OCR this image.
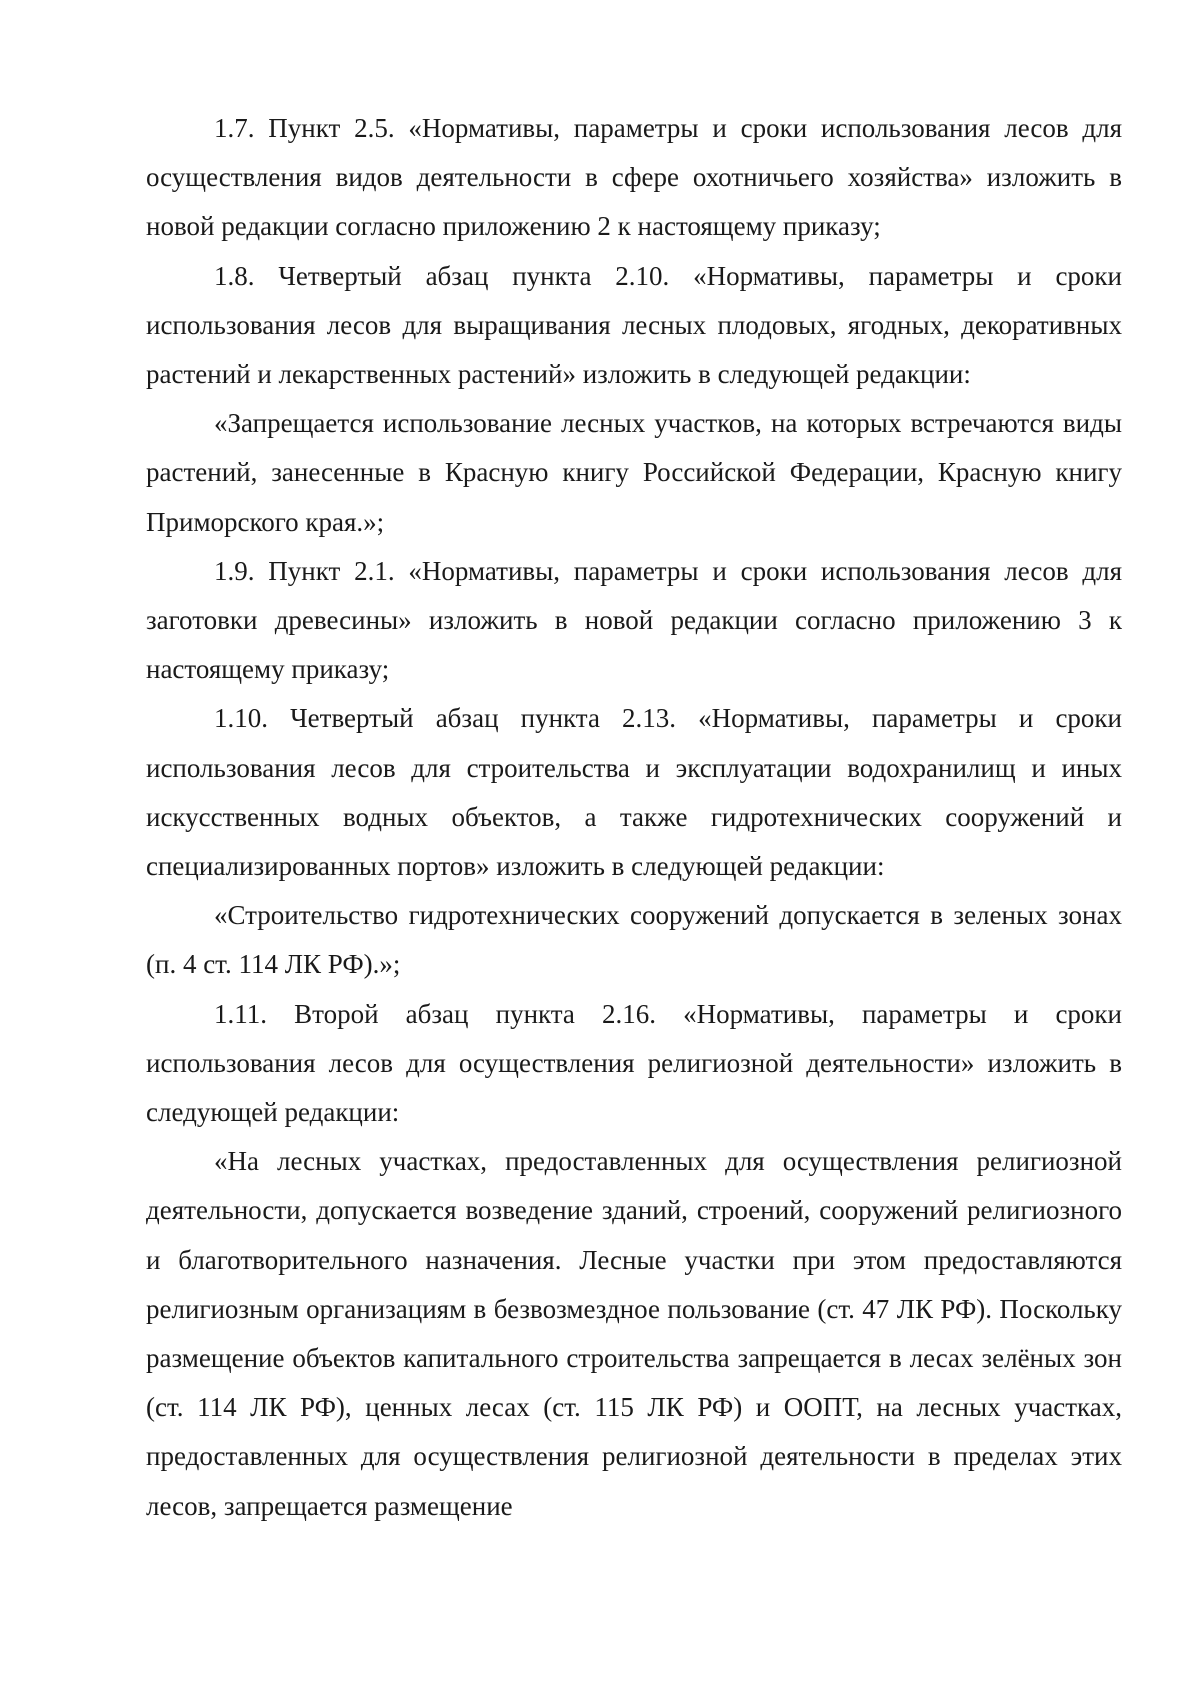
1.7. Пункт 2.5. «Нормативы, параметры и сроки использования лесов для осуществления видов деятельности в сфере охотничьего хозяйства» изложить в новой редакции согласно приложению 2 к настоящему приказу;

1.8. Четвертый абзац пункта 2.10. «Нормативы, параметры и сроки использования лесов для выращивания лесных плодовых, ягодных, декоративных растений и лекарственных растений» изложить в следующей редакции:

«Запрещается использование лесных участков, на которых встречаются виды растений, занесенные в Красную книгу Российской Федерации, Красную книгу Приморского края.»;

1.9. Пункт 2.1. «Нормативы, параметры и сроки использования лесов для заготовки древесины» изложить в новой редакции согласно приложению 3 к настоящему приказу;

1.10. Четвертый абзац пункта 2.13. «Нормативы, параметры и сроки использования лесов для строительства и эксплуатации водохранилищ и иных искусственных водных объектов, а также гидротехнических сооружений и специализированных портов» изложить в следующей редакции:

«Строительство гидротехнических сооружений допускается в зеленых зонах (п. 4 ст. 114 ЛК РФ).»;

1.11. Второй абзац пункта 2.16. «Нормативы, параметры и сроки использования лесов для осуществления религиозной деятельности» изложить в следующей редакции:

«На лесных участках, предоставленных для осуществления религиозной деятельности, допускается возведение зданий, строений, сооружений религиозного и благотворительного назначения. Лесные участки при этом предоставляются религиозным организациям в безвозмездное пользование (ст. 47 ЛК РФ). Поскольку размещение объектов капитального строительства запрещается в лесах зелёных зон (ст. 114 ЛК РФ), ценных лесах (ст. 115 ЛК РФ) и ООПТ, на лесных участках, предоставленных для осуществления религиозной деятельности в пределах этих лесов, запрещается размещение
